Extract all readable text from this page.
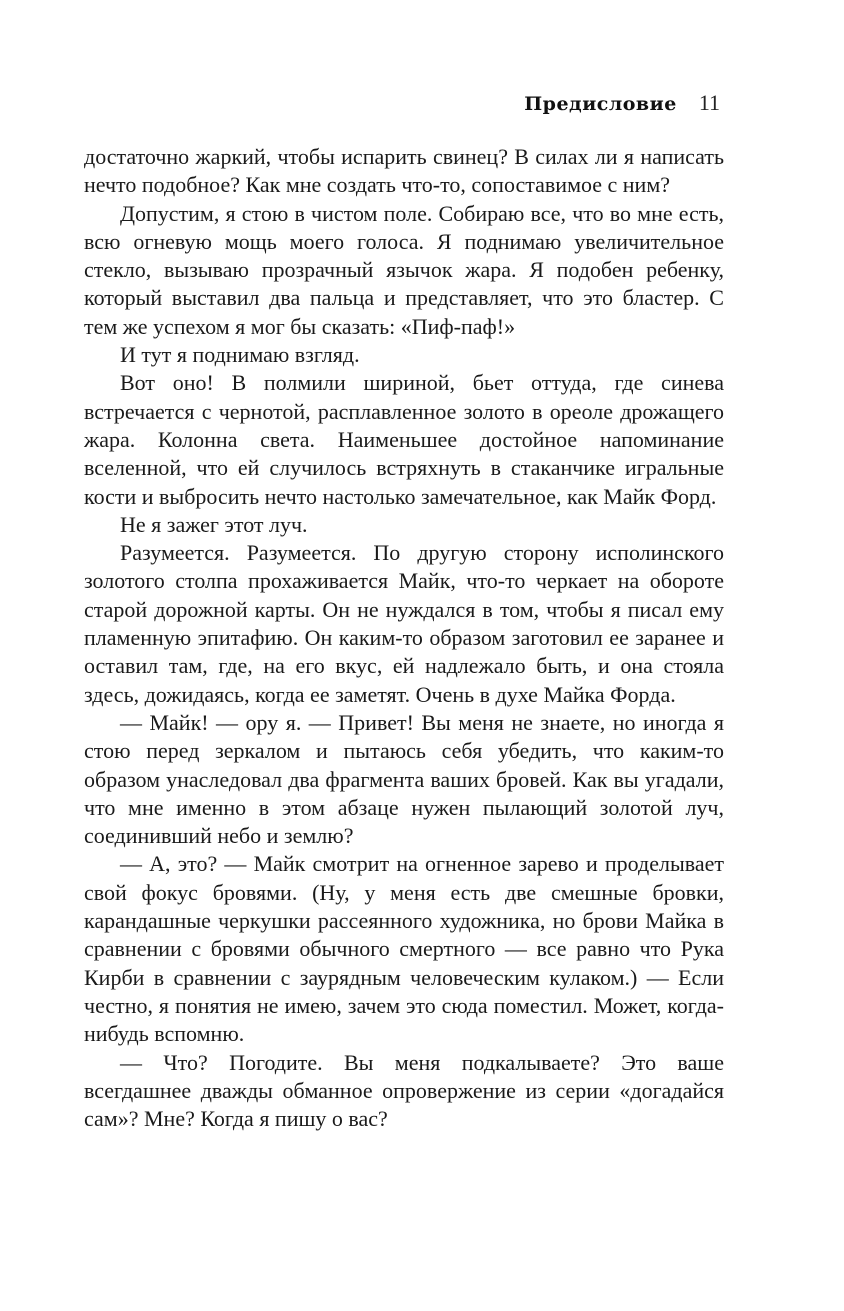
Предисловие 11

достаточно жаркий, чтобы испарить свинец? В силах ли я написать нечто подобное? Как мне создать что-то, сопоставимое с ним?

Допустим, я стою в чистом поле. Собираю все, что во мне есть, всю огневую мощь моего голоса. Я поднимаю увеличительное стекло, вызываю прозрачный язычок жара. Я подобен ребенку, который выставил два пальца и представляет, что это бластер. С тем же успехом я мог бы сказать: «Пиф-паф!»

И тут я поднимаю взгляд.

Вот оно! В полмили шириной, бьет оттуда, где синева встречается с чернотой, расплавленное золото в ореоле дрожащего жара. Колонна света. Наименьшее достойное напоминание вселенной, что ей случилось встряхнуть в стаканчике игральные кости и выбросить нечто настолько замечательное, как Майк Форд.

Не я зажег этот луч.

Разумеется. Разумеется. По другую сторону исполинского золотого столпа прохаживается Майк, что-то черкает на обороте старой дорожной карты. Он не нуждался в том, чтобы я писал ему пламенную эпитафию. Он каким-то образом заготовил ее заранее и оставил там, где, на его вкус, ей надлежало быть, и она стояла здесь, дожидаясь, когда ее заметят. Очень в духе Майка Форда.

— Майк! — ору я. — Привет! Вы меня не знаете, но иногда я стою перед зеркалом и пытаюсь себя убедить, что каким-то образом унаследовал два фрагмента ваших бровей. Как вы угадали, что мне именно в этом абзаце нужен пылающий золотой луч, соединивший небо и землю?

— А, это? — Майк смотрит на огненное зарево и проделывает свой фокус бровями. (Ну, у меня есть две смешные бровки, карандашные черкушки рассеянного художника, но брови Майка в сравнении с бровями обычного смертного — все равно что Рука Кирби в сравнении с заурядным человеческим кулаком.) — Если честно, я понятия не имею, зачем это сюда поместил. Может, когда-нибудь вспомню.

— Что? Погодите. Вы меня подкалываете? Это ваше всегдашнее дважды обманное опровержение из серии «догадайся сам»? Мне? Когда я пишу о вас?
